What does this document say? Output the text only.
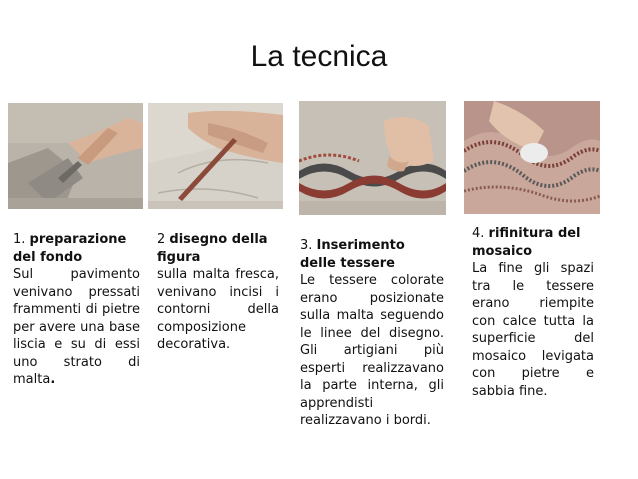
La tecnica
1. preparazione del fondo
Sul pavimento venivano pressati frammenti di pietre per avere una base liscia e su di essi uno strato di malta.
2 disegno della figura
sulla malta fresca, venivano incisi i contorni della composizione decorativa.
3. Inserimento delle tessere
Le tessere colorate erano posizionate sulla malta seguendo le linee del disegno. Gli artigiani più esperti realizzavano la parte interna, gli apprendisti realizzavano i bordi.
4. rifinitura del mosaico
La fine gli spazi tra le tessere erano riempite con calce tutta la superficie del mosaico levigata con pietre e sabbia fine.
